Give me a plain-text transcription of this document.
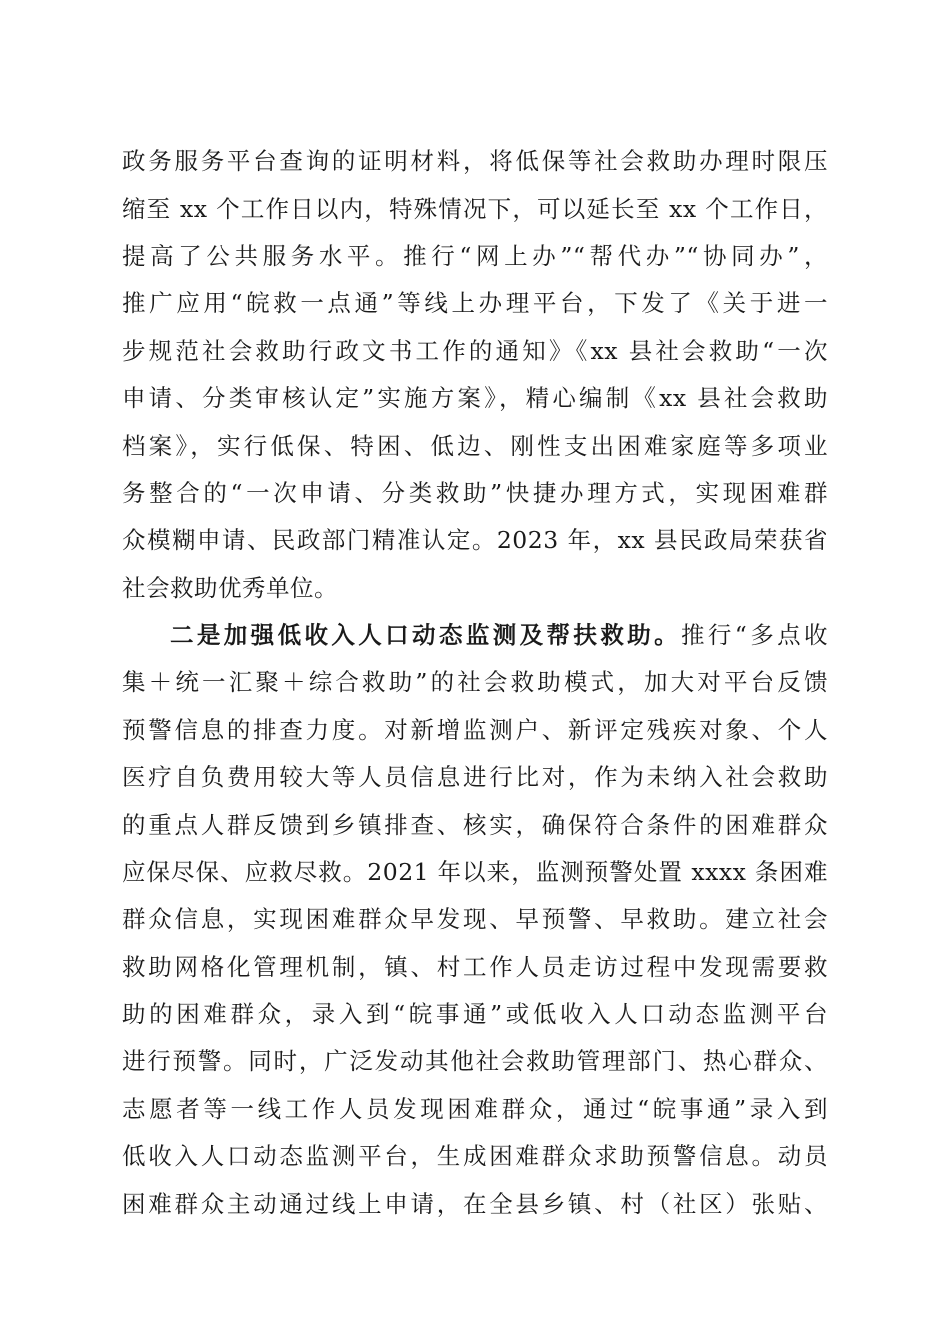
政务服务平台查询的证明材料，将低保等社会救助办理时限压
缩至 xx 个工作日以内，特殊情况下，可以延长至 xx 个工作日，
提高了公共服务水平。推行“网上办”“帮代办”“协同办”，
推广应用“皖救一点通”等线上办理平台，下发了《关于进一
步规范社会救助行政文书工作的通知》《xx 县社会救助“一次
申请、分类审核认定”实施方案》，精心编制《xx 县社会救助
档案》，实行低保、特困、低边、刚性支出困难家庭等多项业
务整合的“一次申请、分类救助”快捷办理方式，实现困难群
众模糊申请、民政部门精准认定。2023 年，xx 县民政局荣获省
社会救助优秀单位。
二是加强低收入人口动态监测及帮扶救助。推行“多点收
集＋统一汇聚＋综合救助”的社会救助模式，加大对平台反馈
预警信息的排查力度。对新增监测户、新评定残疾对象、个人
医疗自负费用较大等人员信息进行比对，作为未纳入社会救助
的重点人群反馈到乡镇排查、核实，确保符合条件的困难群众
应保尽保、应救尽救。2021 年以来，监测预警处置 xxxx 条困难
群众信息，实现困难群众早发现、早预警、早救助。建立社会
救助网格化管理机制，镇、村工作人员走访过程中发现需要救
助的困难群众，录入到“皖事通”或低收入人口动态监测平台
进行预警。同时，广泛发动其他社会救助管理部门、热心群众、
志愿者等一线工作人员发现困难群众，通过“皖事通”录入到
低收入人口动态监测平台，生成困难群众求助预警信息。动员
困难群众主动通过线上申请，在全县乡镇、村（社区）张贴、
